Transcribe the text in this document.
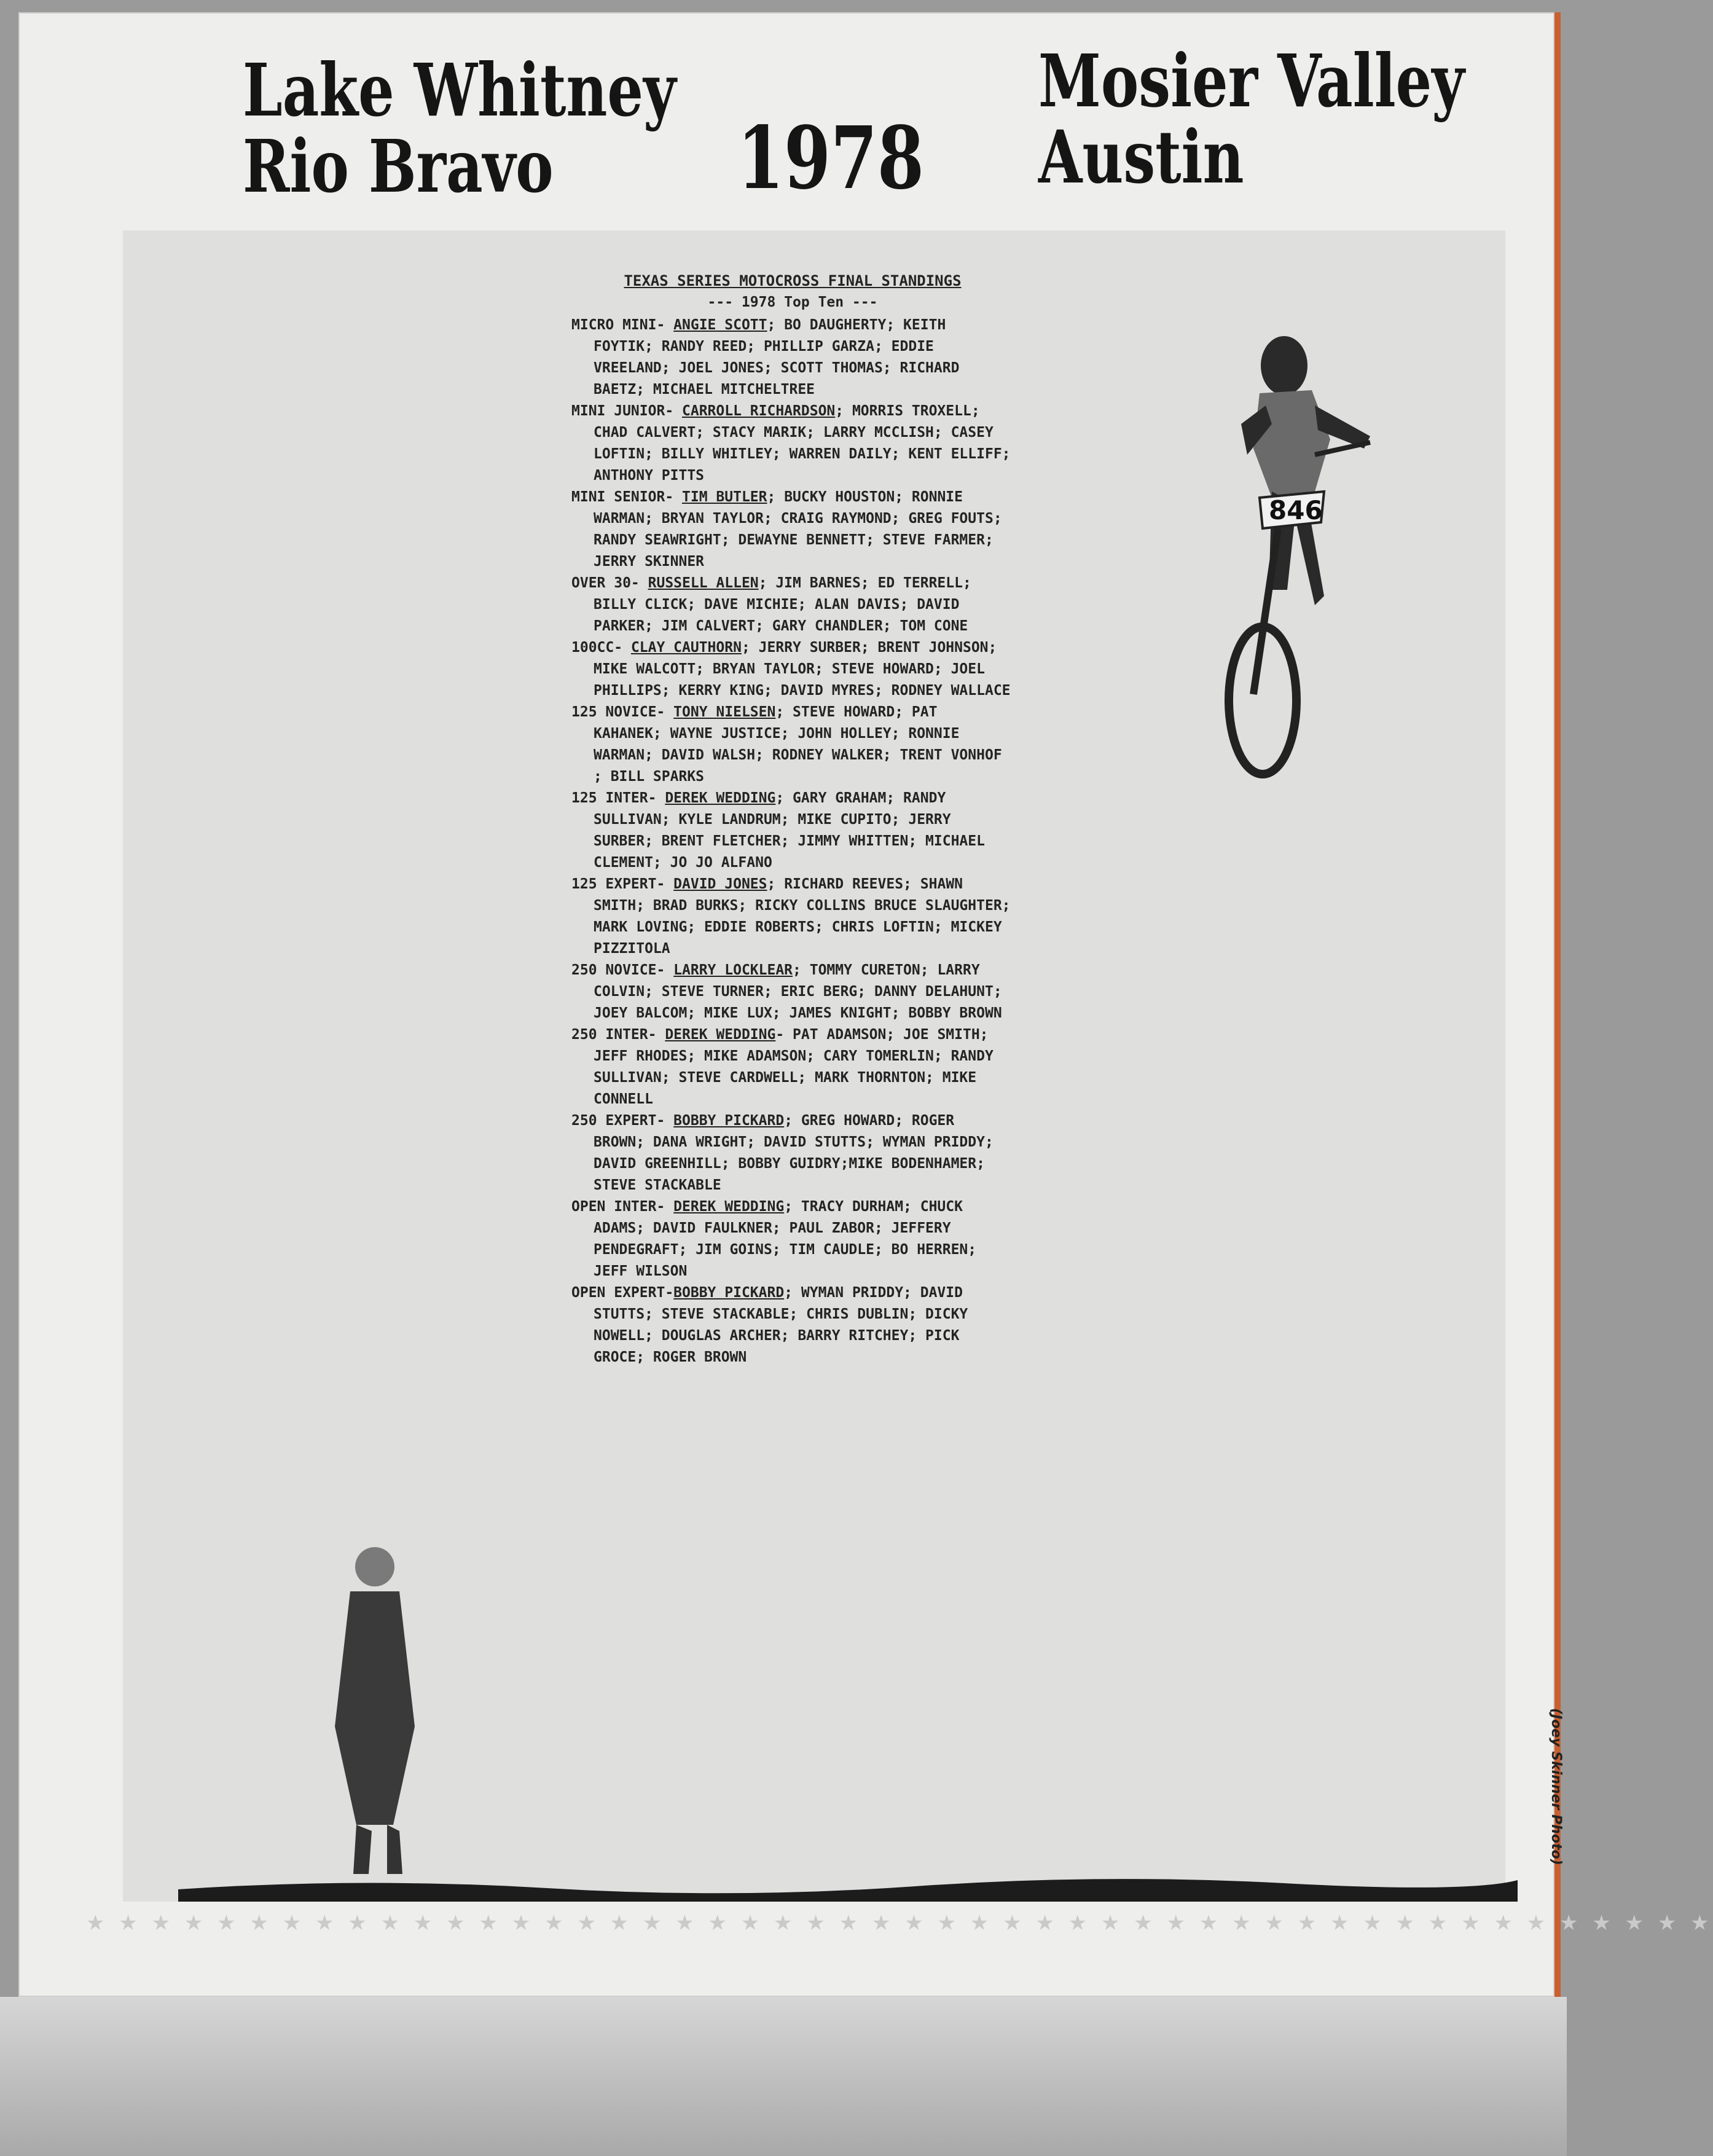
Lake Whitney
Rio Bravo	1978
Mosier Valley
Austin
846
TEXAS SERIES MOTOCROSS FINAL STANDINGS
--- 1978 Top Ten ---
MICRO MINI- ANGIE SCOTT; BO DAUGHERTY; KEITH FOYTIK; RANDY REED; PHILLIP GARZA; EDDIE VREELAND; JOEL JONES; SCOTT THOMAS; RICHARD BAETZ; MICHAEL MITCHELTREE
MINI JUNIOR- CARROLL RICHARDSON; MORRIS TROXELL; CHAD CALVERT; STACY MARIK; LARRY MCCLISH; CASEY LOFTIN; BILLY WHITLEY; WARREN DAILY; KENT ELLIFF; ANTHONY PITTS
MINI SENIOR- TIM BUTLER; BUCKY HOUSTON; RONNIE WARMAN; BRYAN TAYLOR; CRAIG RAYMOND; GREG FOUTS; RANDY SEAWRIGHT; DEWAYNE BENNETT; STEVE FARMER; JERRY SKINNER
OVER 30- RUSSELL ALLEN; JIM BARNES; ED TERRELL; BILLY CLICK; DAVE MICHIE; ALAN DAVIS; DAVID PARKER; JIM CALVERT; GARY CHANDLER; TOM CONE
100CC- CLAY CAUTHORN; JERRY SURBER; BRENT JOHNSON; MIKE WALCOTT; BRYAN TAYLOR; STEVE HOWARD; JOEL PHILLIPS; KERRY KING; DAVID MYRES; RODNEY WALLACE
125 NOVICE- TONY NIELSEN; STEVE HOWARD; PAT KAHANEK; WAYNE JUSTICE; JOHN HOLLEY; RONNIE WARMAN; DAVID WALSH; RODNEY WALKER; TRENT VONHOF ; BILL SPARKS
125 INTER- DEREK WEDDING; GARY GRAHAM; RANDY SULLIVAN; KYLE LANDRUM; MIKE CUPITO; JERRY SURBER; BRENT FLETCHER; JIMMY WHITTEN; MICHAEL CLEMENT; JO JO ALFANO
125 EXPERT- DAVID JONES; RICHARD REEVES; SHAWN SMITH; BRAD BURKS; RICKY COLLINS BRUCE SLAUGHTER; MARK LOVING; EDDIE ROBERTS; CHRIS LOFTIN; MICKEY PIZZITOLA
250 NOVICE- LARRY LOCKLEAR; TOMMY CURETON; LARRY COLVIN; STEVE TURNER; ERIC BERG; DANNY DELAHUNT; JOEY BALCOM; MIKE LUX; JAMES KNIGHT; BOBBY BROWN
250 INTER- DEREK WEDDING- PAT ADAMSON; JOE SMITH; JEFF RHODES; MIKE ADAMSON; CARY TOMERLIN; RANDY SULLIVAN; STEVE CARDWELL; MARK THORNTON; MIKE CONNELL
250 EXPERT- BOBBY PICKARD; GREG HOWARD; ROGER BROWN; DANA WRIGHT; DAVID STUTTS; WYMAN PRIDDY; DAVID GREENHILL; BOBBY GUIDRY;MIKE BODENHAMER; STEVE STACKABLE
OPEN INTER- DEREK WEDDING; TRACY DURHAM; CHUCK ADAMS; DAVID FAULKNER; PAUL ZABOR; JEFFERY PENDEGRAFT; JIM GOINS; TIM CAUDLE; BO HERREN; JEFF WILSON
OPEN EXPERT-BOBBY PICKARD; WYMAN PRIDDY; DAVID STUTTS; STEVE STACKABLE; CHRIS DUBLIN; DICKY NOWELL; DOUGLAS ARCHER; BARRY RITCHEY; PICK GROCE; ROGER BROWN
★ ★ ★ ★ ★ ★ ★ ★ ★ ★ ★ ★ ★ ★ ★ ★ ★ ★ ★ ★ ★ ★ ★ ★ ★ ★ ★ ★ ★ ★ ★ ★ ★ ★ ★ ★ ★ ★ ★ ★ ★ ★ ★ ★ ★ ★ ★ ★ ★ ★
(Joey Skinner Photo)
